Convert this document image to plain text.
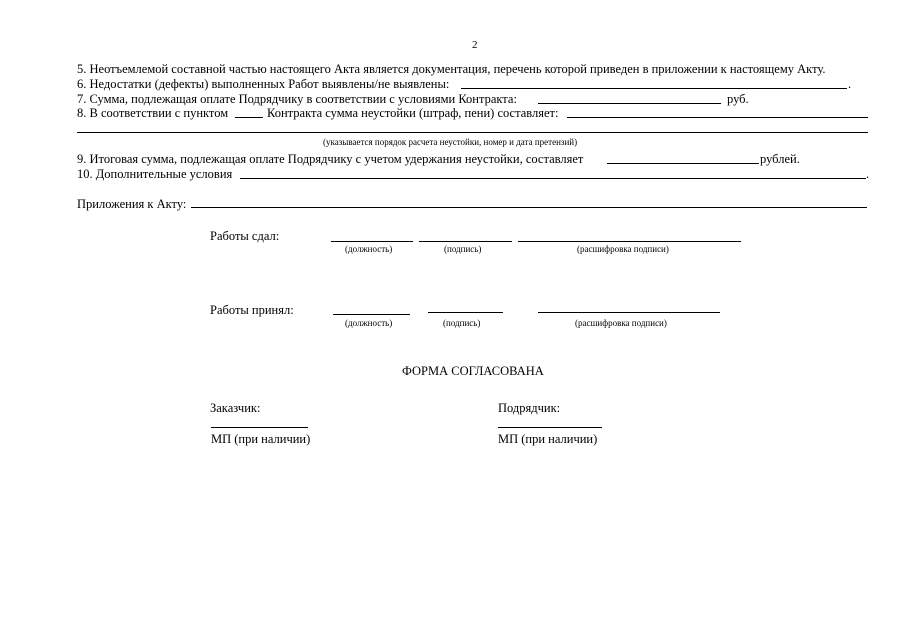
2
5. Неотъемлемой составной частью настоящего Акта является документация, перечень которой приведен в приложении к настоящему Акту.
6. Недостатки (дефекты) выполненных Работ выявлены/не выявлены:	.
7. Сумма, подлежащая оплате Подрядчику в соответствии с условиями Контракта:	руб.
8. В соответствии с пунктом	Контракта сумма неустойки (штраф, пени) составляет:
(указывается порядок расчета неустойки, номер и дата претензий)
9. Итоговая сумма, подлежащая оплате Подрядчику с учетом удержания неустойки, составляет	рублей.
10. Дополнительные условия	.
Приложения к Акту:
Работы сдал:
(должность)	(подпись)	(расшифровка подписи)
Работы принял:
(должность)	(подпись)	(расшифровка подписи)
ФОРМА СОГЛАСОВАНА
Заказчик:
МП (при наличии)
Подрядчик:
МП (при наличии)
